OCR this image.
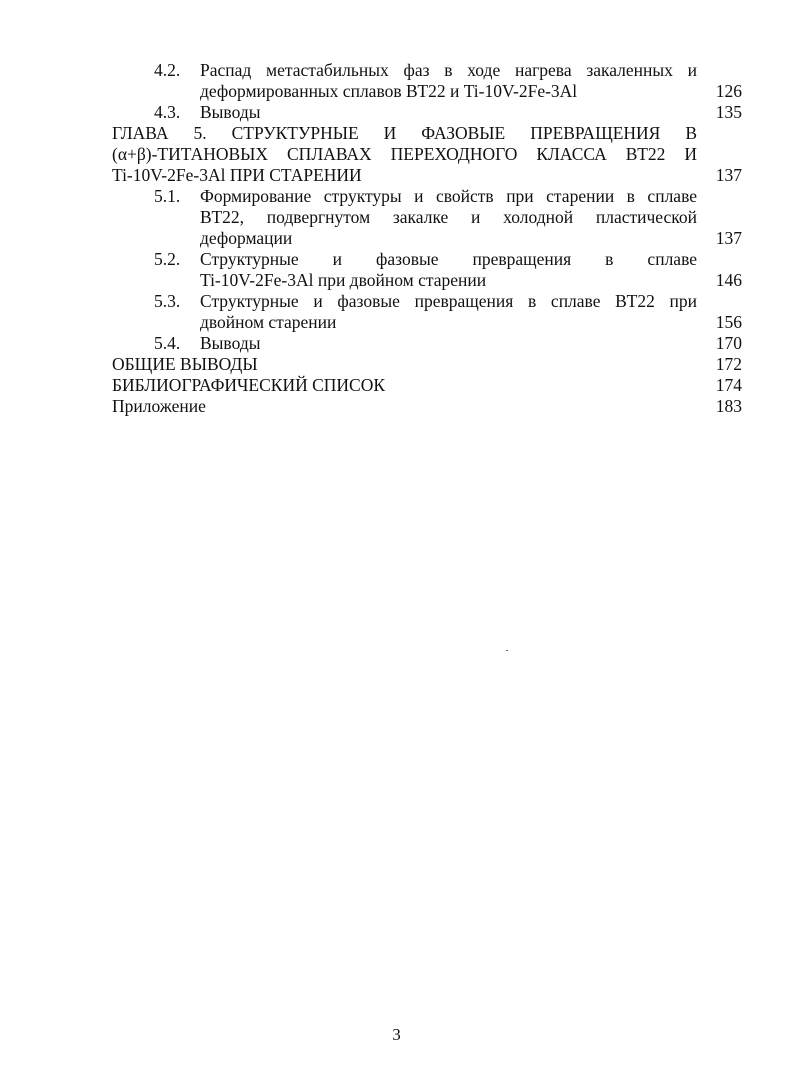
4.2.	Распад метастабильных фаз в ходе нагрева закаленных и
деформированных сплавов ВТ22 и Ti-10V-2Fe-3Al	126
4.3.	Выводы	135
ГЛАВА 5. СТРУКТУРНЫЕ И ФАЗОВЫЕ ПРЕВРАЩЕНИЯ В
(α+β)-ТИТАНОВЫХ СПЛАВАХ ПЕРЕХОДНОГО КЛАССА ВТ22 И
Ti-10V-2Fe-3Al ПРИ СТАРЕНИИ	137
5.1.	Формирование структуры и свойств при старении в сплаве
ВТ22, подвергнутом закалке и холодной пластической
деформации	137
5.2.	Структурные и фазовые превращения в сплаве
Ti-10V-2Fe-3Al при двойном старении	146
5.3.	Структурные и фазовые превращения в сплаве ВТ22 при
двойном старении	156
5.4.	Выводы	170
ОБЩИЕ ВЫВОДЫ	172
БИБЛИОГРАФИЧЕСКИЙ СПИСОК	174
Приложение	183
3
